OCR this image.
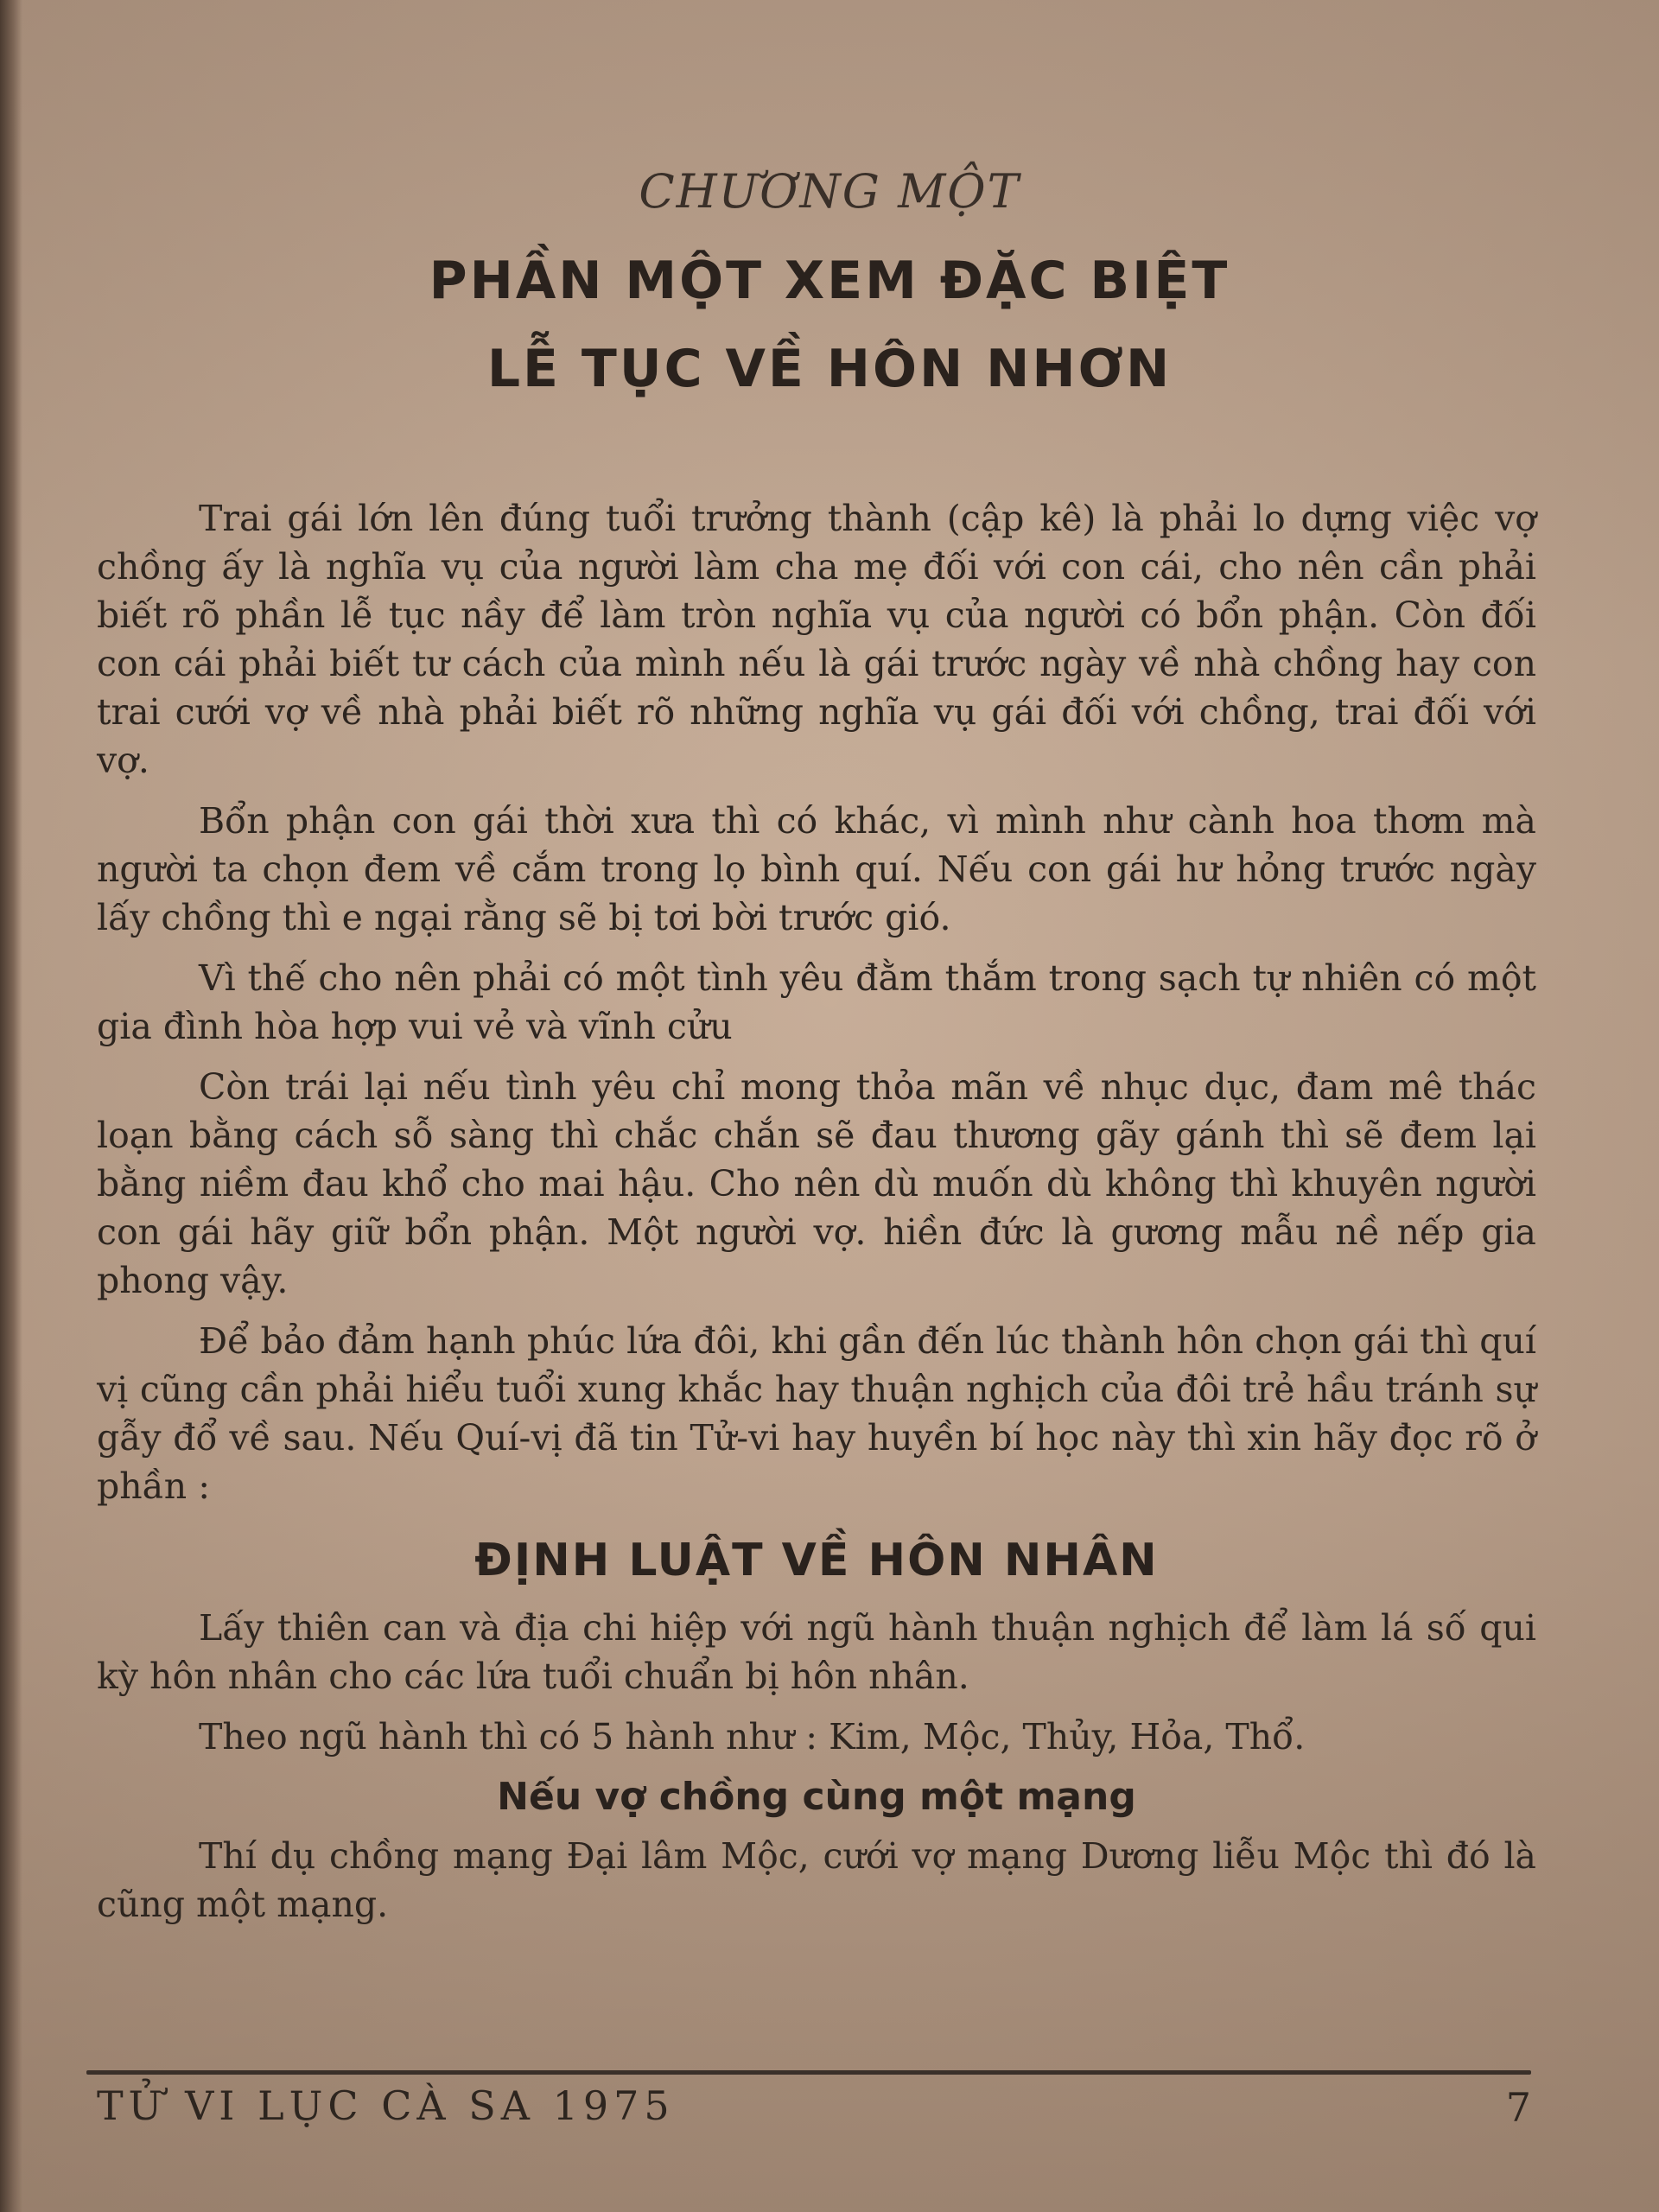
CHƯƠNG MỘT
PHẦN MỘT XEM ĐẶC BIỆT
LỄ TỤC VỀ HÔN NHƠN

Trai gái lớn lên đúng tuổi trưởng thành (cập kê) là phải lo dựng việc vợ chồng ấy là nghĩa vụ của người làm cha mẹ đối với con cái, cho nên cần phải biết rõ phần lễ tục nầy để làm tròn nghĩa vụ của người có bổn phận. Còn đối con cái phải biết tư cách của mình nếu là gái trước ngày về nhà chồng hay con trai cưới vợ về nhà phải biết rõ những nghĩa vụ gái đối với chồng, trai đối với vợ.

Bổn phận con gái thời xưa thì có khác, vì mình như cành hoa thơm mà người ta chọn đem về cắm trong lọ bình quí. Nếu con gái hư hỏng trước ngày lấy chồng thì e ngại rằng sẽ bị tơi bời trước gió.

Vì thế cho nên phải có một tình yêu đằm thắm trong sạch tự nhiên có một gia đình hòa hợp vui vẻ và vĩnh cửu

Còn trái lại nếu tình yêu chỉ mong thỏa mãn về nhục dục, đam mê thác loạn bằng cách sỗ sàng thì chắc chắn sẽ đau thương gãy gánh thì sẽ đem lại bằng niềm đau khổ cho mai hậu. Cho nên dù muốn dù không thì khuyên người con gái hãy giữ bổn phận. Một người vợ. hiền đức là gương mẫu nề nếp gia phong vậy.

Để bảo đảm hạnh phúc lứa đôi, khi gần đến lúc thành hôn chọn gái thì quí vị cũng cần phải hiểu tuổi xung khắc hay thuận nghịch của đôi trẻ hầu tránh sự gẫy đổ về sau. Nếu Quí-vị đã tin Tử-vi hay huyền bí học này thì xin hãy đọc rõ ở phần :

ĐỊNH LUẬT VỀ HÔN NHÂN

Lấy thiên can và địa chi hiệp với ngũ hành thuận nghịch để làm lá số qui kỳ hôn nhân cho các lứa tuổi chuẩn bị hôn nhân.

Theo ngũ hành thì có 5 hành như : Kim, Mộc, Thủy, Hỏa, Thổ.

Nếu vợ chồng cùng một mạng

Thí dụ chồng mạng Đại lâm Mộc, cưới vợ mạng Dương liễu Mộc thì đó là cũng một mạng.

TỬ VI LỤC CÀ SA 1975	7
